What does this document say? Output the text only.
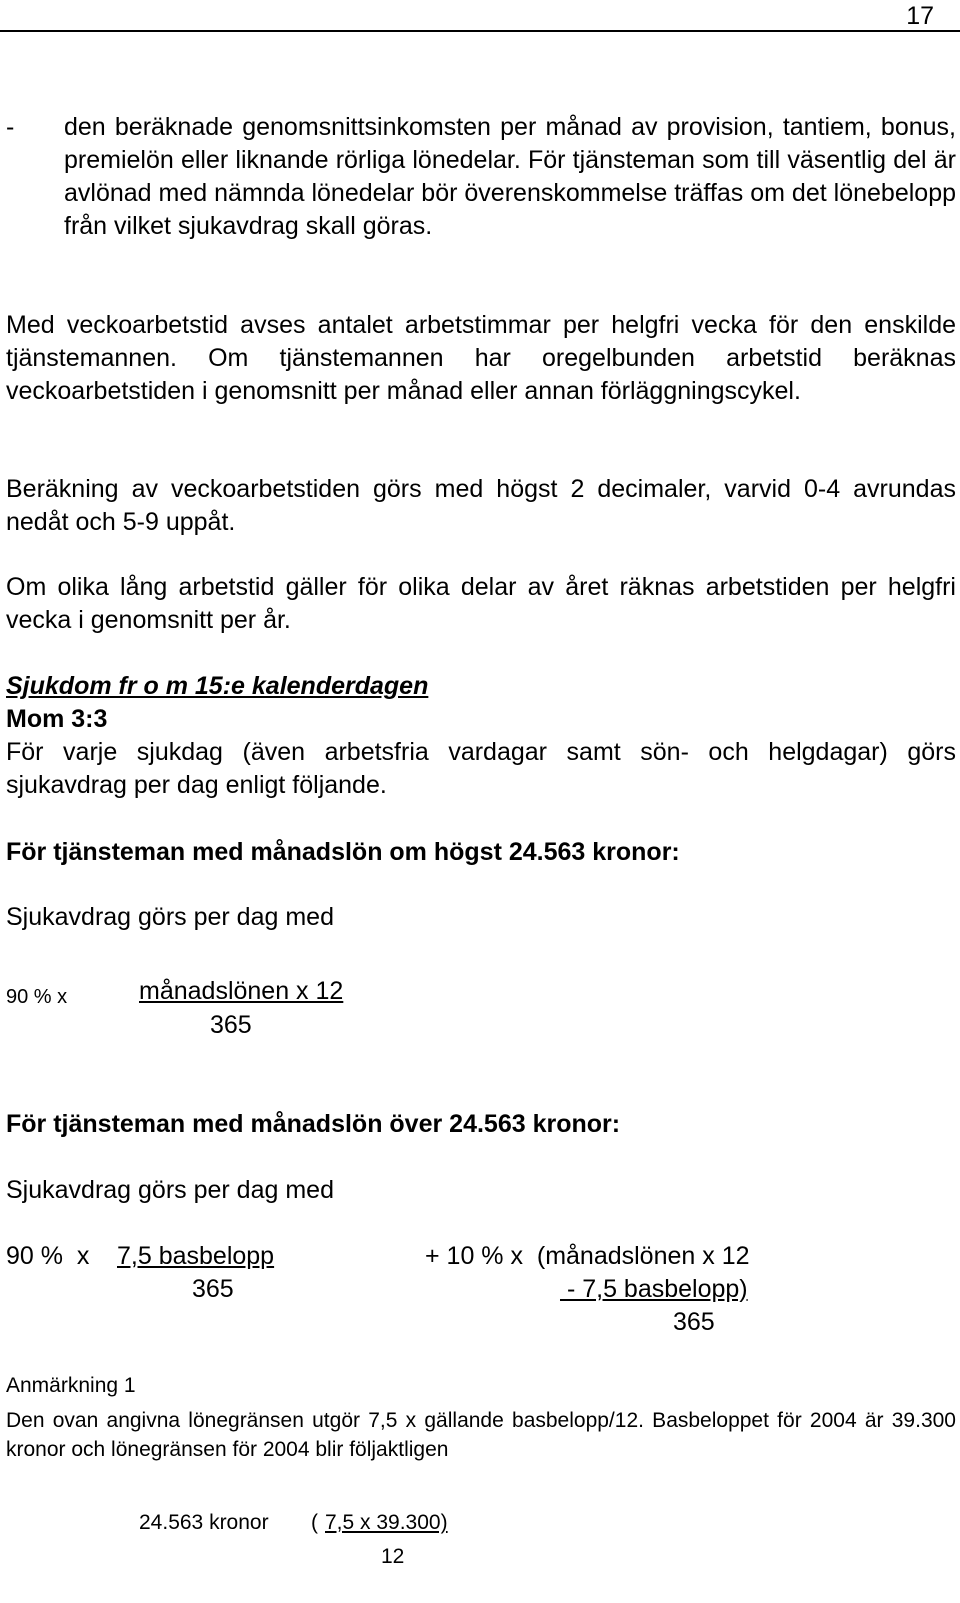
17
- den beräknade genomsnittsinkomsten per månad av provision, tantiem, bonus, premielön eller liknande rörliga lönedelar. För tjänsteman som till väsentlig del är avlönad med nämnda lönedelar bör överenskommelse träffas om det lönebelopp från vilket sjukavdrag skall göras.
Med veckoarbetstid avses antalet arbetstimmar per helgfri vecka för den enskilde tjänstemannen. Om tjänstemannen har oregelbunden arbetstid beräknas veckoarbetstiden i genomsnitt per månad eller annan förläggningscykel.
Beräkning av veckoarbetstiden görs med högst 2 decimaler, varvid 0-4 avrundas nedåt och 5-9 uppåt.
Om olika lång arbetstid gäller för olika delar av året räknas arbetstiden per helgfri vecka i genomsnitt per år.
Sjukdom fr o m 15:e kalenderdagen
Mom 3:3
För varje sjukdag (även arbetsfria vardagar samt sön- och helgdagar) görs sjukavdrag per dag enligt följande.
För tjänsteman med månadslön om högst 24.563 kronor:
Sjukavdrag görs per dag med
90 % x	månadslönen x 12
365
För tjänsteman med månadslön över 24.563 kronor:
Sjukavdrag görs per dag med
90 %  x 7,5 basbelopp
365
+ 10 % x  (månadslönen x 12
- 7,5 basbelopp)
365
Anmärkning 1
Den ovan angivna lönegränsen utgör 7,5 x gällande basbelopp/12. Basbeloppet för 2004 är 39.300 kronor och lönegränsen för 2004 blir följaktligen
24.563 kronor ( 7,5 x 39.300)
12
